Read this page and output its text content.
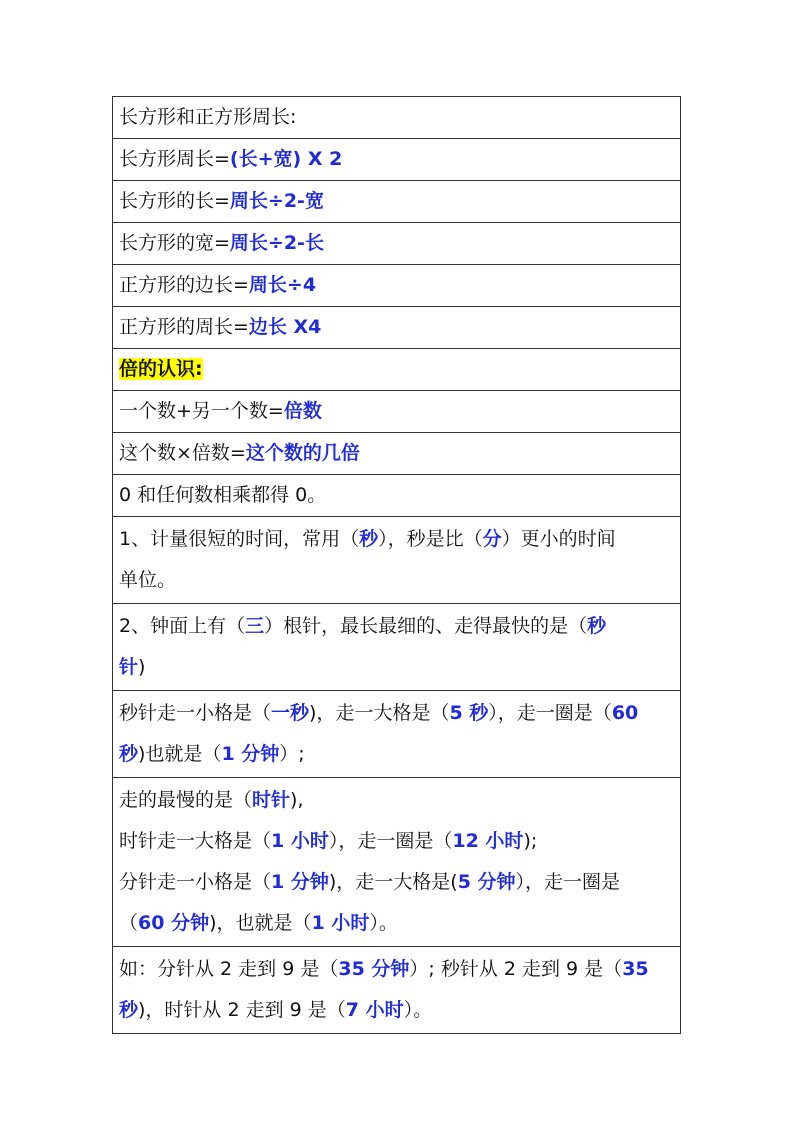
长方形和正方形周长:
长方形周长=(长+宽) X 2
长方形的长=周长÷2-宽
长方形的宽=周长÷2-长
正方形的边长=周长÷4
正方形的周长=边长 X4
倍的认识:
一个数+另一个数=倍数
这个数×倍数=这个数的几倍
0 和任何数相乘都得 0。

1、计量很短的时间，常用（秒），秒是比（分）更小的时间
单位。

2、钟面上有（三）根针，最长最细的、走得最快的是（秒
针)

秒针走一小格是（一秒)，走一大格是（5 秒），走一圈是（60
秒)也就是（1 分钟）;

走的最慢的是（时针),
时针走一大格是（1 小时），走一圈是（12 小时);
分针走一小格是（1 分钟)，走一大格是(5 分钟），走一圈是
（60 分钟)，也就是（1 小时）。

如：分针从 2 走到 9 是（35 分钟）; 秒针从 2 走到 9 是（35
秒)，时针从 2 走到 9 是（7 小时）。
